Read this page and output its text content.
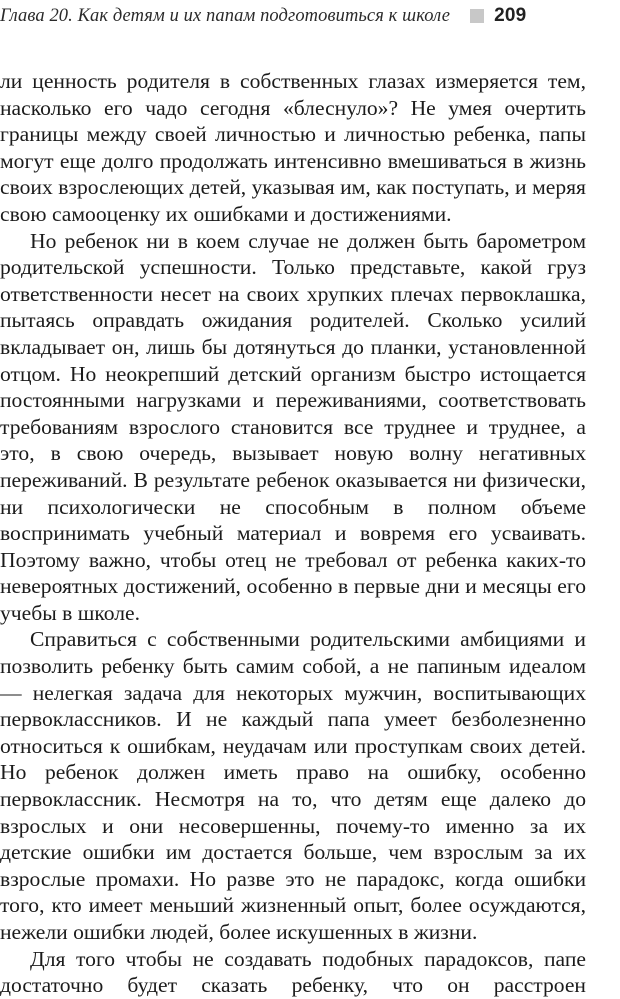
Глава 20. Как детям и их папам подготовиться к школе 209

ли ценность родителя в собственных глазах измеряется тем, насколько его чадо сегодня «блеснуло»? Не умея очертить границы между своей личностью и личностью ребенка, папы могут еще долго продолжать интенсивно вмешиваться в жизнь своих взрослеющих детей, указывая им, как поступать, и меряя свою самооценку их ошибками и достижениями.

Но ребенок ни в коем случае не должен быть барометром родительской успешности. Только представьте, какой груз ответственности несет на своих хрупких плечах первоклашка, пытаясь оправдать ожидания родителей. Сколько усилий вкладывает он, лишь бы дотянуться до планки, установленной отцом. Но неокрепший детский организм быстро истощается постоянными нагрузками и переживаниями, соответствовать требованиям взрослого становится все труднее и труднее, а это, в свою очередь, вызывает новую волну негативных переживаний. В результате ребенок оказывается ни физически, ни психологически не способным в полном объеме воспринимать учебный материал и вовремя его усваивать. Поэтому важно, чтобы отец не требовал от ребенка каких-то невероятных достижений, особенно в первые дни и месяцы его учебы в школе.

Справиться с собственными родительскими амбициями и позволить ребенку быть самим собой, а не папиным идеалом — нелегкая задача для некоторых мужчин, воспитывающих первоклассников. И не каждый папа умеет безболезненно относиться к ошибкам, неудачам или проступкам своих детей. Но ребенок должен иметь право на ошибку, особенно первоклассник. Несмотря на то, что детям еще далеко до взрослых и они несовершенны, почему-то именно за их детские ошибки им достается больше, чем взрослым за их взрослые промахи. Но разве это не парадокс, когда ошибки того, кто имеет меньший жизненный опыт, более осуждаются, нежели ошибки людей, более искушенных в жизни.

Для того чтобы не создавать подобных парадоксов, папе достаточно будет сказать ребенку, что он расстроен
